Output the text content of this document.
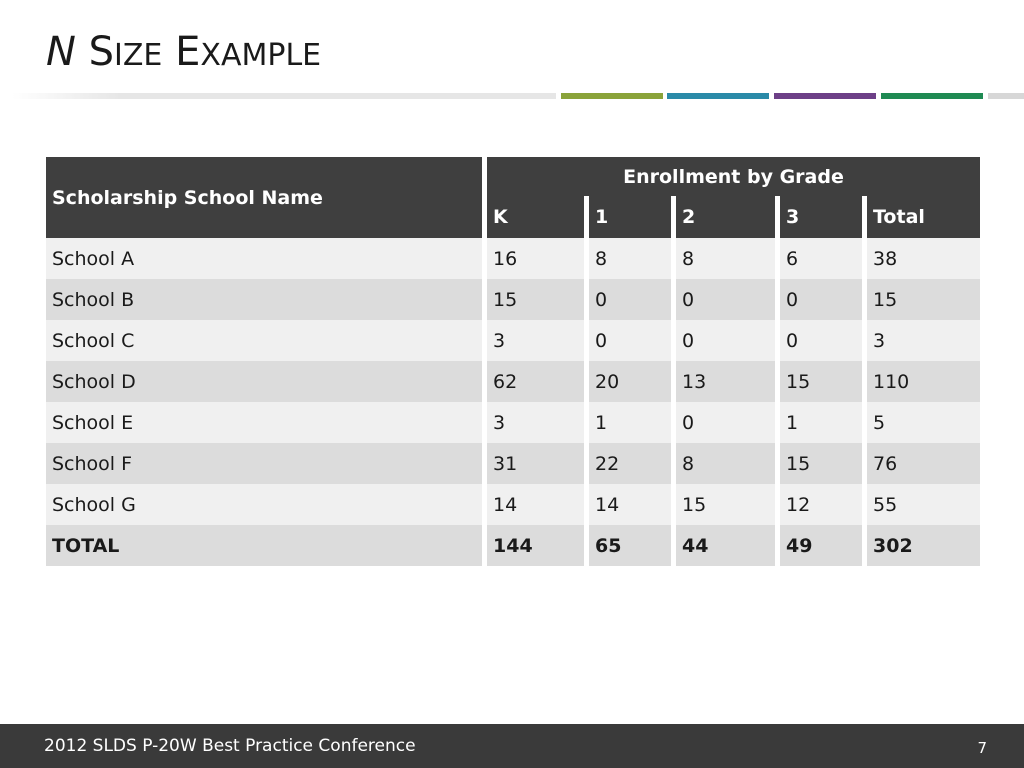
N SIZE EXAMPLE
Scholarship School Name	Enrollment by Grade				
	K	1	2	3	Total
School A	16	8	8	6	38
School B	15	0	0	0	15
School C	3	0	0	0	3
School D	62	20	13	15	110
School E	3	1	0	1	5
School F	31	22	8	15	76
School G	14	14	15	12	55
TOTAL	144	65	44	49	302
2012 SLDS P-20W Best Practice Conference	7
